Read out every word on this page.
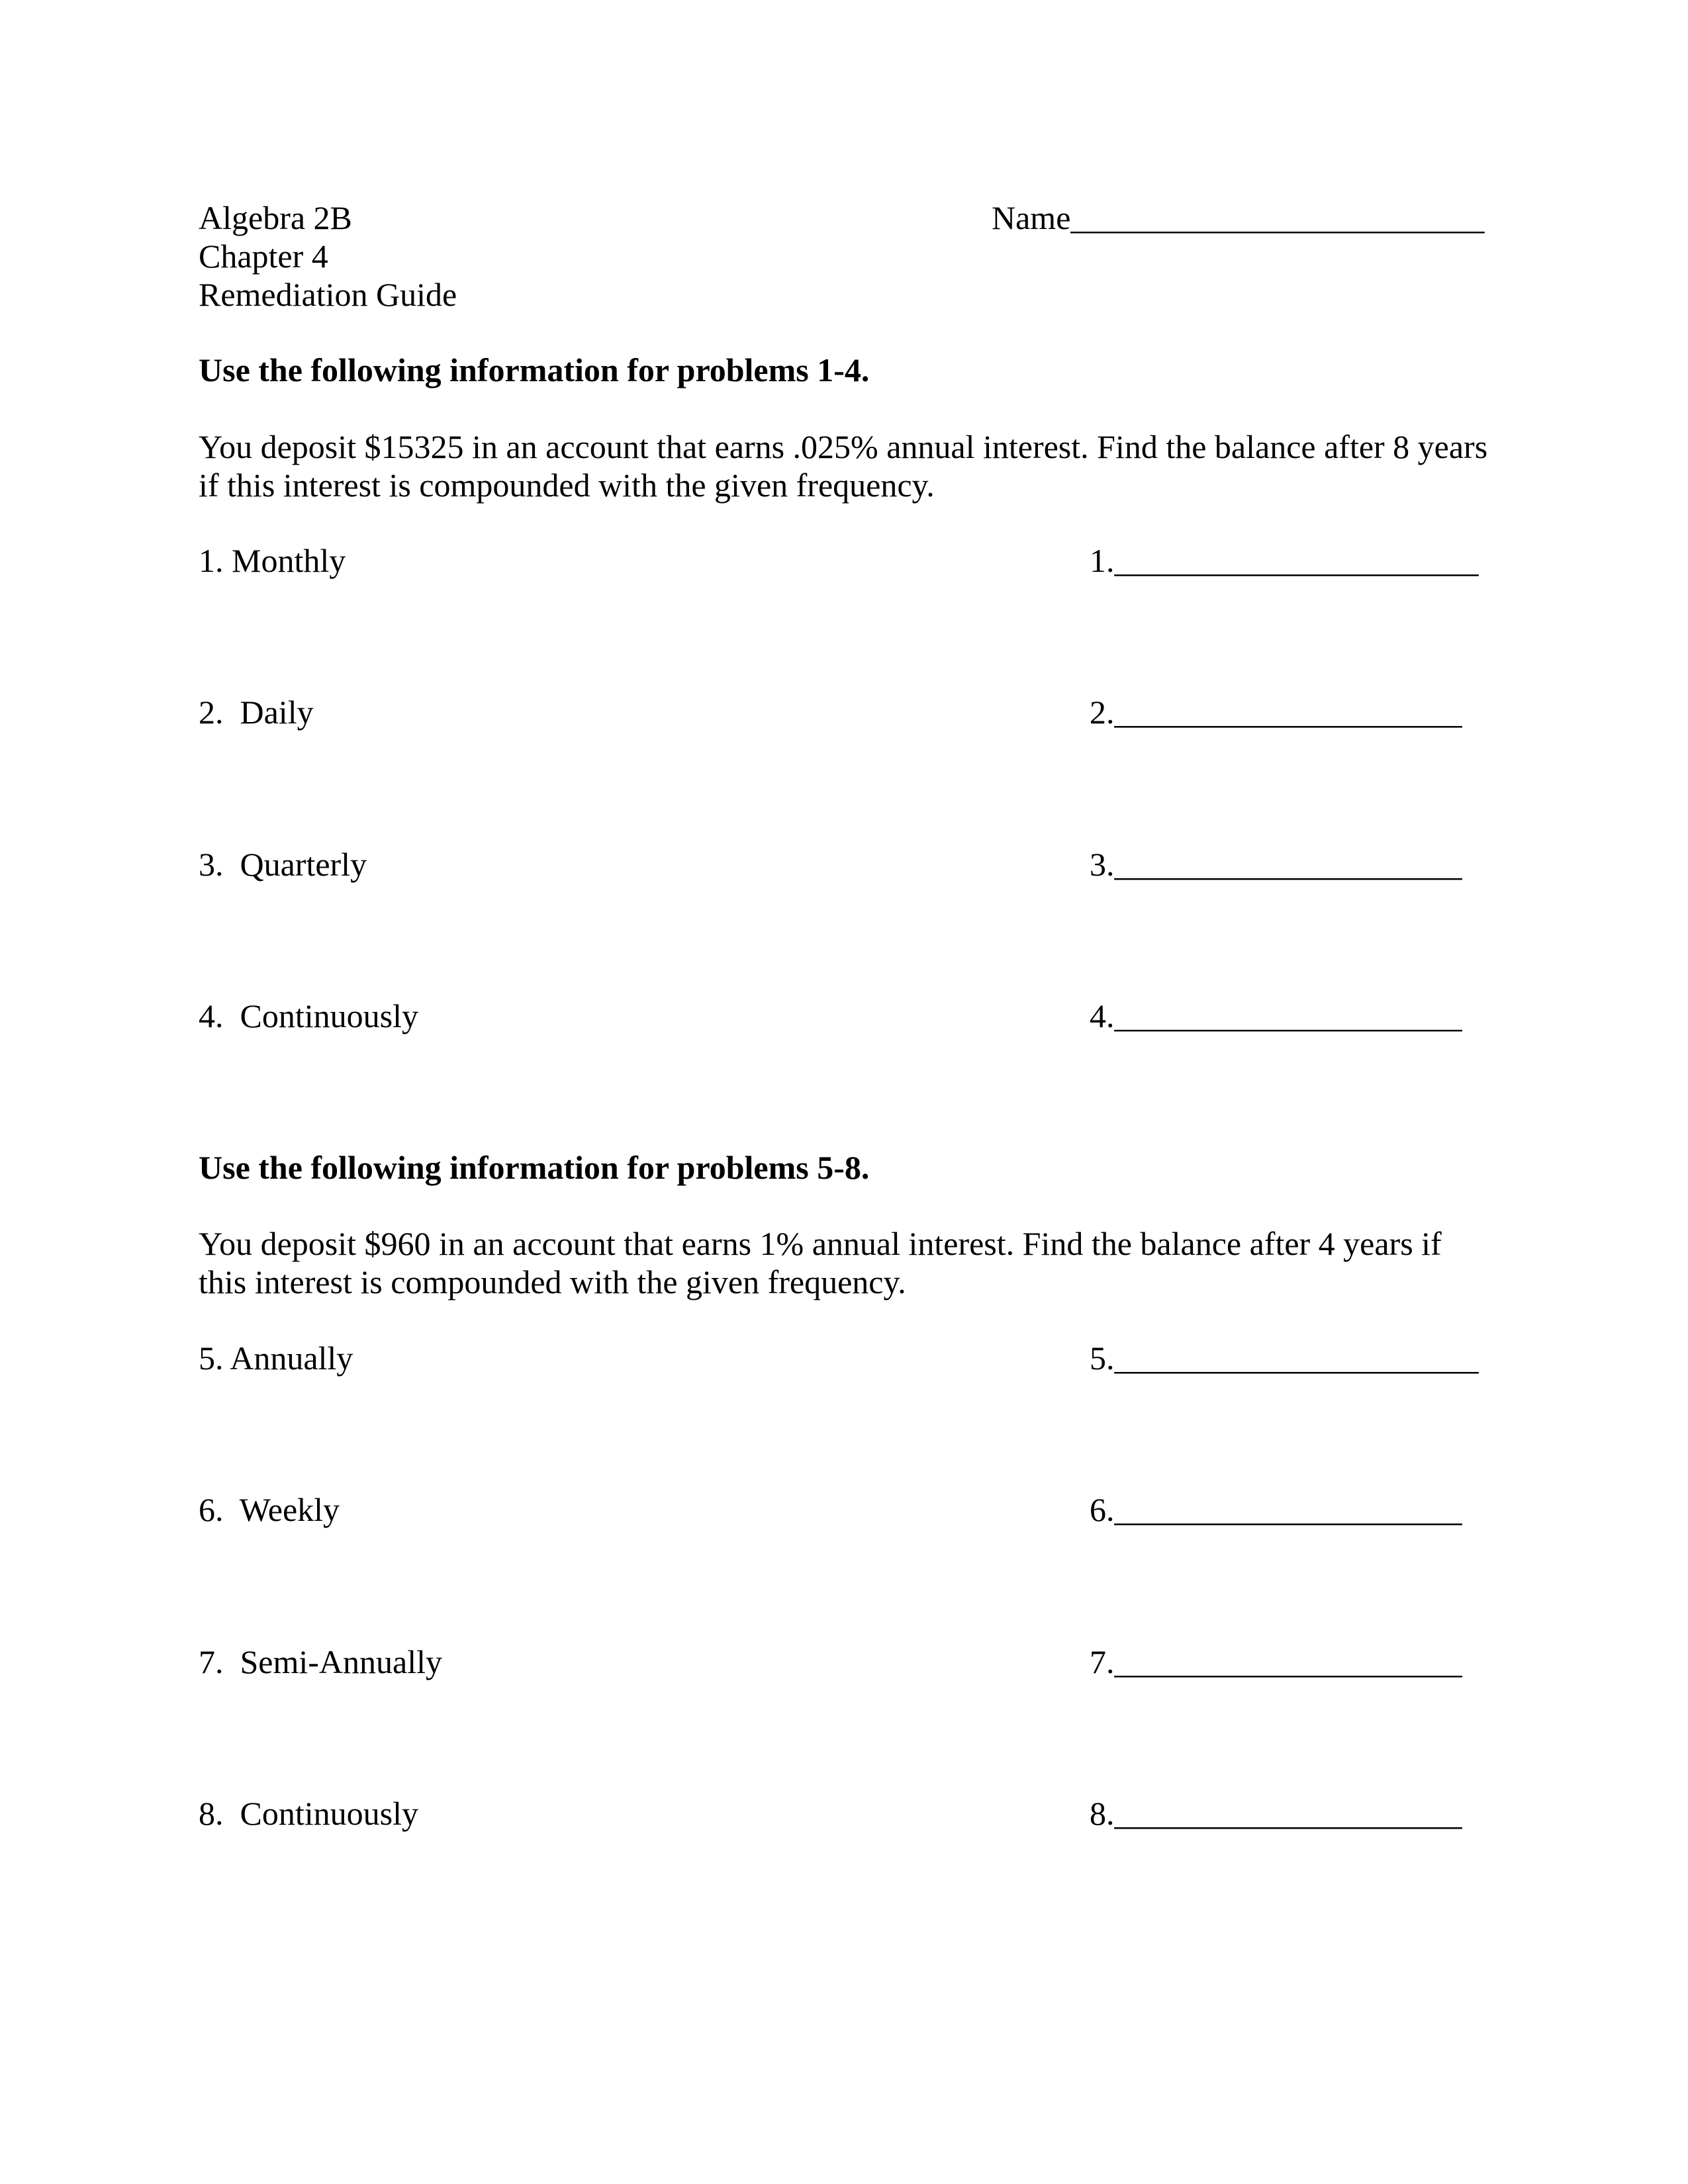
Algebra 2B
Chapter 4
Remediation Guide
Name_________________________
Use the following information for problems 1-4.
You deposit $15325 in an account that earns .025% annual interest. Find the balance after 8 years if this interest is compounded with the given frequency.
1. Monthly	1.______________________
2.  Daily	2._____________________
3.  Quarterly	3._____________________
4.  Continuously	4._____________________
Use the following information for problems 5-8.
You deposit $960 in an account that earns 1% annual interest. Find the balance after 4 years if this interest is compounded with the given frequency.
5. Annually	5.______________________
6.  Weekly	6._____________________
7.  Semi-Annually	7._____________________
8.  Continuously	8._____________________
